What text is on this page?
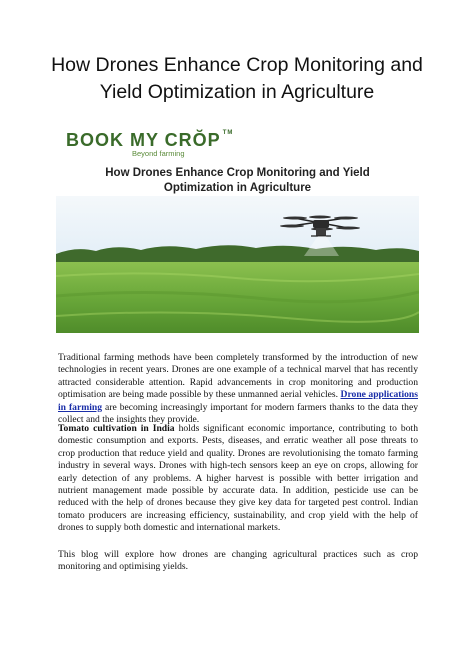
How Drones Enhance Crop Monitoring and Yield Optimization in Agriculture
BOOK MY CRŎP TM
Beyond farming
How Drones Enhance Crop Monitoring and Yield Optimization in Agriculture

Traditional farming methods have been completely transformed by the introduction of new technologies in recent years. Drones are one example of a technical marvel that has recently attracted considerable attention. Rapid advancements in crop monitoring and production optimisation are being made possible by these unmanned aerial vehicles. Drone applications in farming are becoming increasingly important for modern farmers thanks to the data they collect and the insights they provide.

Tomato cultivation in India holds significant economic importance, contributing to both domestic consumption and exports. Pests, diseases, and erratic weather all pose threats to crop production that reduce yield and quality. Drones are revolutionising the tomato farming industry in several ways. Drones with high-tech sensors keep an eye on crops, allowing for early detection of any problems. A higher harvest is possible with better irrigation and nutrient management made possible by accurate data. In addition, pesticide use can be reduced with the help of drones because they give key data for targeted pest control. Indian tomato producers are increasing efficiency, sustainability, and crop yield with the help of drones to supply both domestic and international markets.

This blog will explore how drones are changing agricultural practices such as crop monitoring and optimising yields.
